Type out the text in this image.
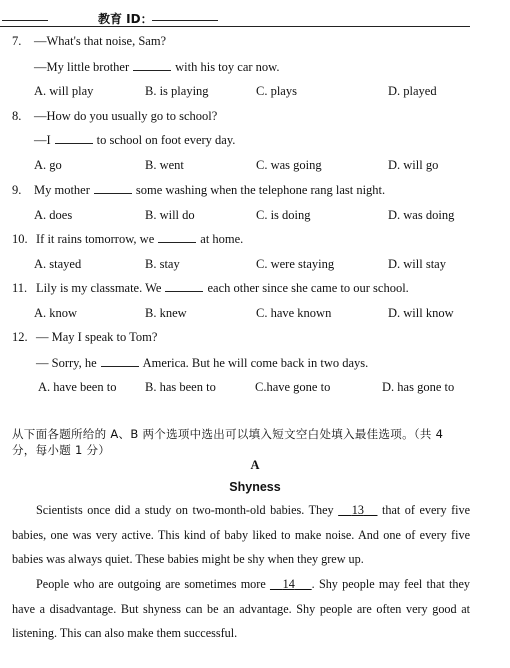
教育 ID：
7. —What's that noise, Sam?
—My little brother	with his toy car now.
A. will play	B. is playing	C. plays	D. played
8. —How do you usually go to school?
—I	to school on foot every day.
A. go	B. went	C. was going	D. will go
9. My mother	some washing when the telephone rang last night.
A. does	B. will do	C. is doing	D. was doing
10. If it rains tomorrow, we	at home.
A. stayed	B. stay	C. were staying	D. will stay
11. Lily is my classmate. We	each other since she came to our school.
A. know	B. knew	C. have known	D. will know
12. — May I speak to Tom?
— Sorry, he	America. But he will come back in two days.
A. have been to B. has been to	C.have gone to	D. has gone to
从下面各题所给的 A、B 两个选项中选出可以填入短文空白处填入最佳选项。（共 4 分，每小题 1 分）
A
Shyness
Scientists once did a study on two-month-old babies. They    13    that of every five babies, one was very active. This kind of baby liked to make noise. And one of every five babies was always quiet. These babies might be shy when they grew up.
People who are outgoing are sometimes more    14 . Shy people may feel that they have a disadvantage. But shyness can be an advantage. Shy people are often very good at listening. This can also make them successful.
